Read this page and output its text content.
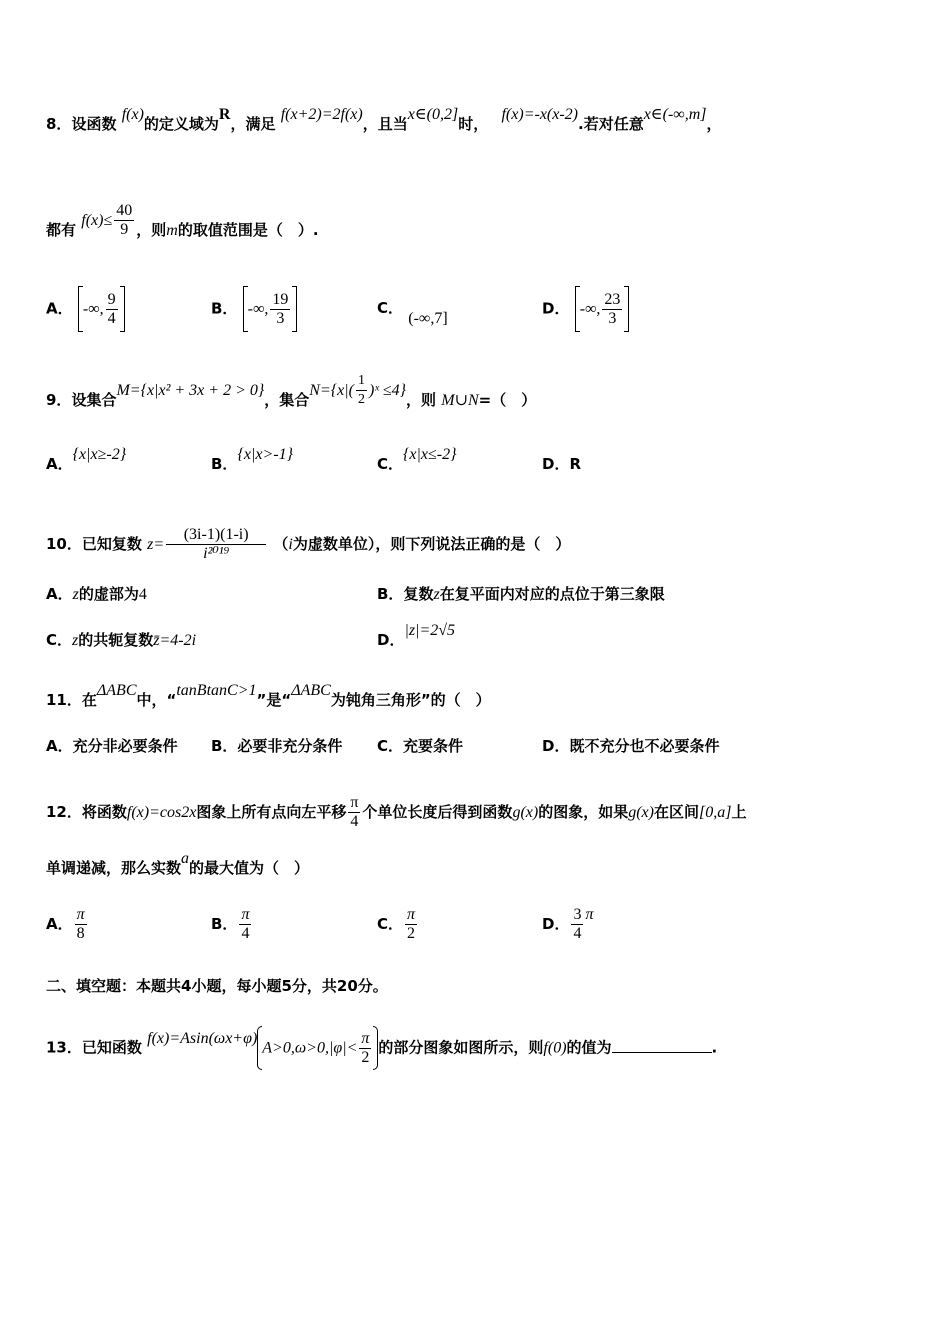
8．设函数 f(x)的定义域为R，满足 f(x+2)=2f(x)，且当x∈(0,2]时， f(x)=-x(x-2).若对任意x∈(-∞,m]，
都有 $f(x)\le \frac{40}{9}$ ，则m的取值范围是（　）.
A． -∞, $\frac{9}{4}$	B． -∞, $\frac{19}{3}$	C． (-∞,7]
D． -∞, $\frac{23}{3}$
9．设集合M={x|x² + 3x + 2 > 0}，集合$N=\{x|( \frac{1}{2}$ )ˣ ≤4}，则 M∪N=（　）
A．{x|x≥-2}
B．{x|x>-1}
C．{x|x≤-2}
D．R
10．已知复数 $z= \frac{(3i-1)(1-i)}{\text{i²⁰¹⁹}} (i$为虚数单位），则下列说法正确的是（　）
A．z的虚部为4	B．复数z在复平面内对应的点位于第三象限
C．z的共轭复数z̄=4-2i	D．|z|=2√5
11．在ΔABC中，“tanBtanC>1”是“ΔABC为钝角三角形”的（　）
A．充分非必要条件 B．必要非充分条件 C．充要条件	D．既不充分也不必要条件
12．将函数f(x)=cos2x图象上所有点向左平移 $\frac{\pi}{4}$ 个单位长度后得到函数g(x)的图象，如果g(x)在区间[0,a]上
单调递减，那么实数a的最大值为（　）
A． $\frac{\pi}{8}$	B． $\frac{\pi}{4}$	C． $\frac{\pi}{2}$	D． $\frac{3}{4}$ π
二、填空题：本题共4小题，每小题5分，共20分。
13．已知函数 $f(x)=Asin(\omega x+\varphi)A>0,\omega>0,|\varphi|< \frac{\pi}{2}$ 的部分图象如图所示，则f(0)的值为	.
